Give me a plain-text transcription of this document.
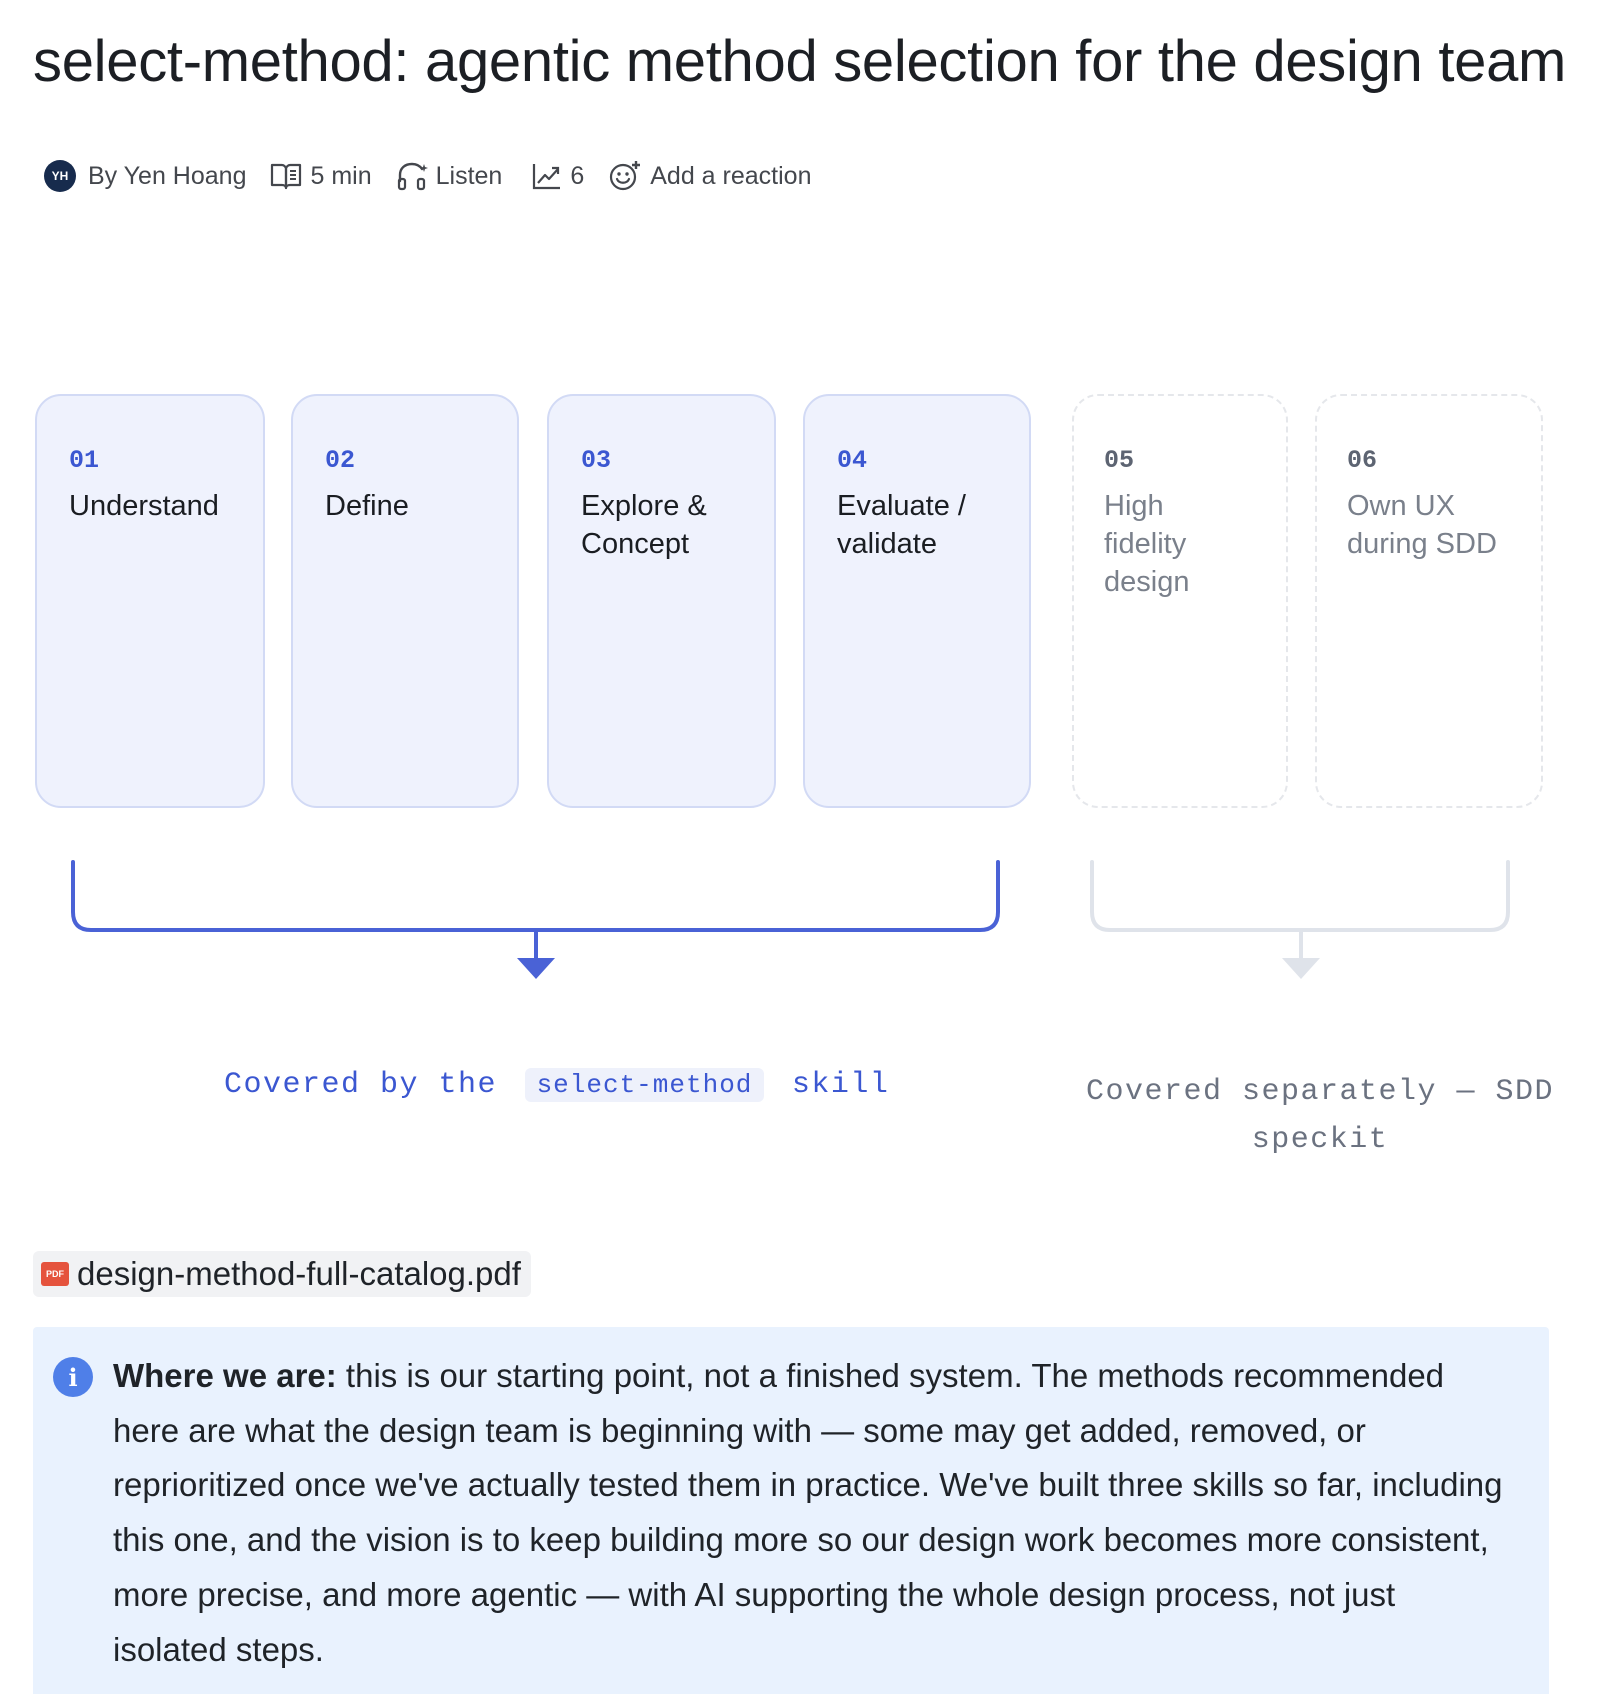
select-method: agentic method selection for the design team
YH By Yen Hoang	5 min	Listen	6	Add a reaction
01
Understand
02
Define
03
Explore &
Concept
04
Evaluate /
validate
05
High
fidelity
design
06
Own UX
during SDD
Covered by the select-method skill	Covered separately — SDD
speckit
PDF design-method-full-catalog.pdf
i	Where we are: this is our starting point, not a finished system. The methods recommended here are what the design team is beginning with — some may get added, removed, or reprioritized once we've actually tested them in practice. We've built three skills so far, including this one, and the vision is to keep building more so our design work becomes more consistent, more precise, and more agentic — with AI supporting the whole design process, not just isolated steps.
